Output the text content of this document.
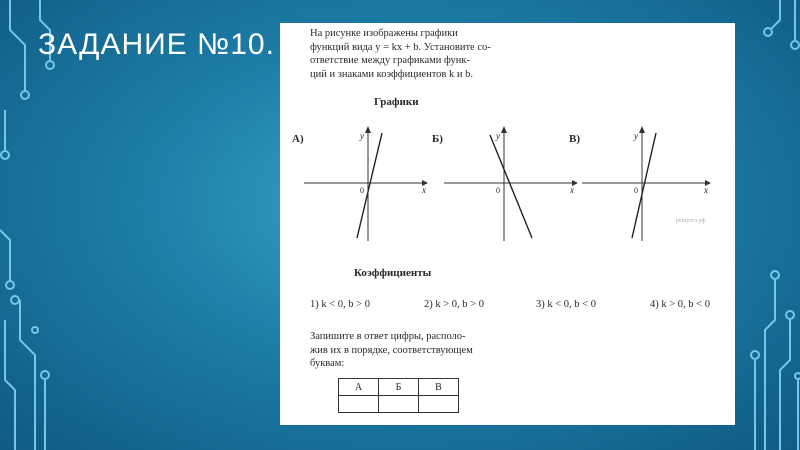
ЗАДАНИЕ №10.	На рисунке изображены графики
функций вида y = kx + b. Установите со-
ответствие между графиками функ-
ций и знаками коэффициентов k и b.
Графики
А)	y
x
0
Б)	y
x
0
В)	y
x
0
решуогэ.рф
Коэффициенты
1) k < 0, b > 0	2) k > 0, b > 0	3) k < 0, b < 0	4) k > 0, b < 0
Запишите в ответ цифры, располо-
жив их в порядке, соответствующем
буквам:
А	Б	В
